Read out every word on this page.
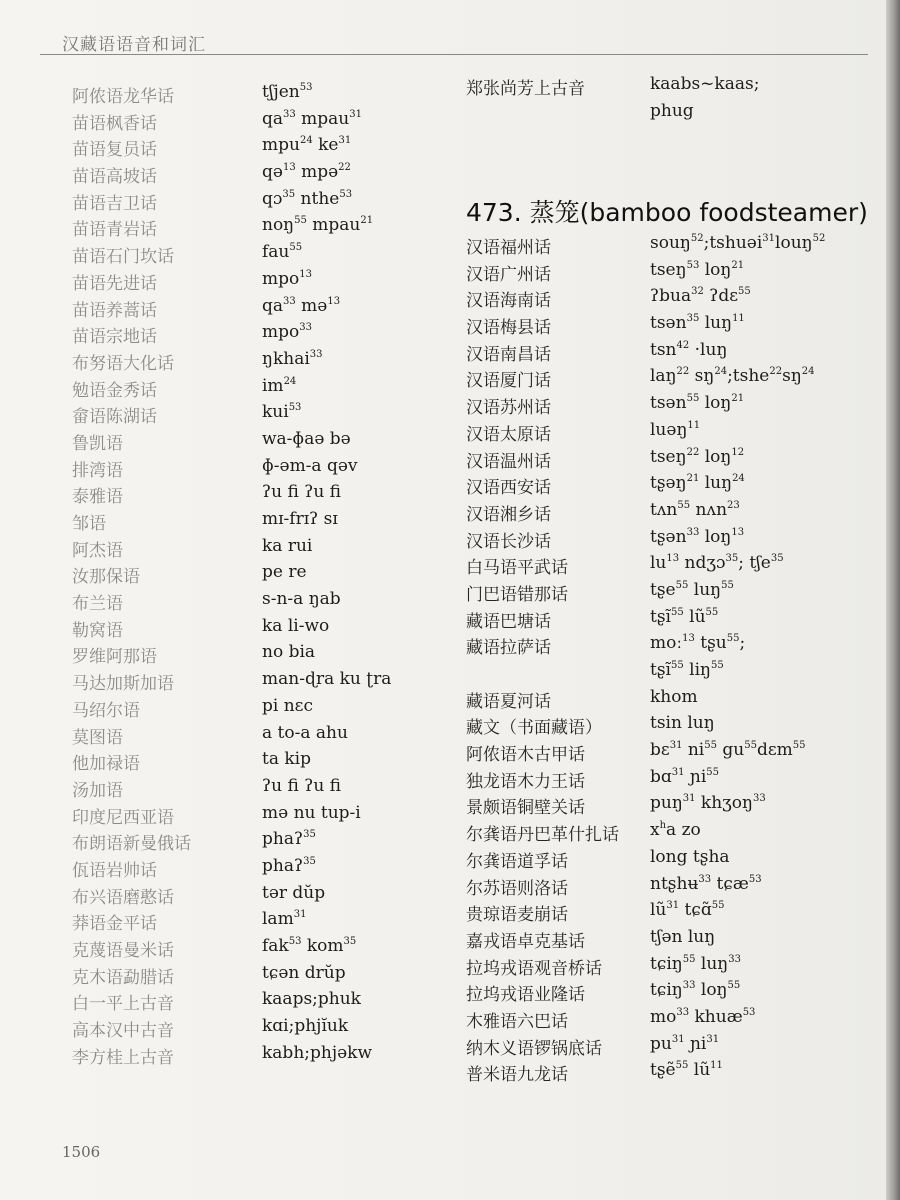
汉藏语语音和词汇
阿侬语龙华话	tʃjen$^{53}$
苗语枫香话	$qa^{33}$ mpau$^{31}$
苗语复员话	mpu$^{24}$ $ke^{31}$
苗语高坡话	qə$^{13}$ mpə$^{22}$
苗语吉卫话	qɔ$^{35}$ nthe$^{53}$
苗语青岩话	noŋ$^{55}$ mpau$^{21}$
苗语石门坎话	fau$^{55}$
苗语先进话	mpo$^{13}$
苗语养蒿话	$qa^{33}$ mə$^{13}$
苗语宗地话	mpo$^{33}$
布努语大化话	ŋkhai$^{33}$
勉语金秀话	$im^{24}$
畲语陈湖话	kui$^{53}$
鲁凯语	wa-ɸaə bə
排湾语	ɸ-əm-a qəv
泰雅语	ʔu fi ʔu fi
邹语	mɪ-frɪʔ sɪ
阿杰语	ka rui
汝那保语	pe re
布兰语	s-n-a ŋab
勒窝语	ka li-wo
罗维阿那语	no bia
马达加斯加语	man-ɖra ku ʈra
马绍尔语	pi nɛc
莫图语	a to-a ahu
他加禄语	ta kip
汤加语	ʔu fi ʔu fi
印度尼西亚语	mə nu tup-i
布朗语新曼俄话	phaʔ$^{35}$
佤语岩帅话	phaʔ$^{35}$
布兴语磨憨话	tər dŭp
莽语金平话	lam$^{31}$
克蔑语曼米话	fak$^{53}$ kom$^{35}$
克木语勐腊话	tɕən drŭp
白一平上古音	kaaps;phuk
高本汉中古音	kɑi;phjĭuk
李方桂上古音	kabh;phjəkw
郑张尚芳上古音	kaabs~kaas;
phug
473. 蒸笼(bamboo foodsteamer)
汉语福州话	souŋ$^{52}$;tshuəi$^{31}$louŋ$^{52}$
汉语广州话	tseŋ$^{53}$ loŋ$^{21}$
汉语海南话	ʔbua$^{32}$ ʔdɛ$^{55}$
汉语梅县话	tsən$^{35}$ luŋ$^{11}$
汉语南昌话	tsn$^{42}$ ·luŋ
汉语厦门话	laŋ$^{22}$ $sŋ^{24};tshe^{22}sŋ^{24}$
汉语苏州话	tsən$^{55}$ loŋ$^{21}$
汉语太原话	luəŋ$^{11}$
汉语温州话	tseŋ$^{22}$ loŋ$^{12}$
汉语西安话	tʂəŋ$^{21}$ luŋ$^{24}$
汉语湘乡话	tʌn$^{55}$ nʌn$^{23}$
汉语长沙话	tʂən$^{33}$ loŋ$^{13}$
白马语平武话	$lu^{13}$ ndʒɔ$^{35}$; tʃe$^{35}$
门巴语错那话	tʂe$^{55}$ luŋ$^{55}$
藏语巴塘话	tʂĩ$^{55}$ $lũ^{55}$
藏语拉萨话	moː$^{13}$ tʂu$^{55}$;
tʂĩ$^{55}$ liŋ$^{55}$
藏语夏河话	khom
藏文（书面藏语）	tsin luŋ
阿侬语木古甲话	bɛ$^{31}$ $ni^{55}$ $gu^{55}dɛm^{55}$
独龙语木力王话	bɑ$^{31}$ ɲi$^{55}$
景颇语铜壁关话	puŋ$^{31}$ khʒoŋ$^{33}$
尔龚语丹巴革什扎话 $x^ha$ zo
尔龚语道孚话	long tʂha
尔苏语则洛话	ntʂhʉ$^{33}$ tɕæ$^{53}$
贵琼语麦崩话	$lũ^{31}$ tɕɑ̃$^{55}$
嘉戎语卓克基话	tʃən luŋ
拉坞戎语观音桥话	tɕiŋ$^{55}$ luŋ$^{33}$
拉坞戎语业隆话	tɕiŋ$^{33}$ loŋ$^{55}$
木雅语六巴话	$mo^{33}$ khuæ$^{53}$
纳木义语锣锅底话	$pu^{31}$ ɲi$^{31}$
普米语九龙话	tʂẽ$^{55}$ $lũ^{11}$
1506
